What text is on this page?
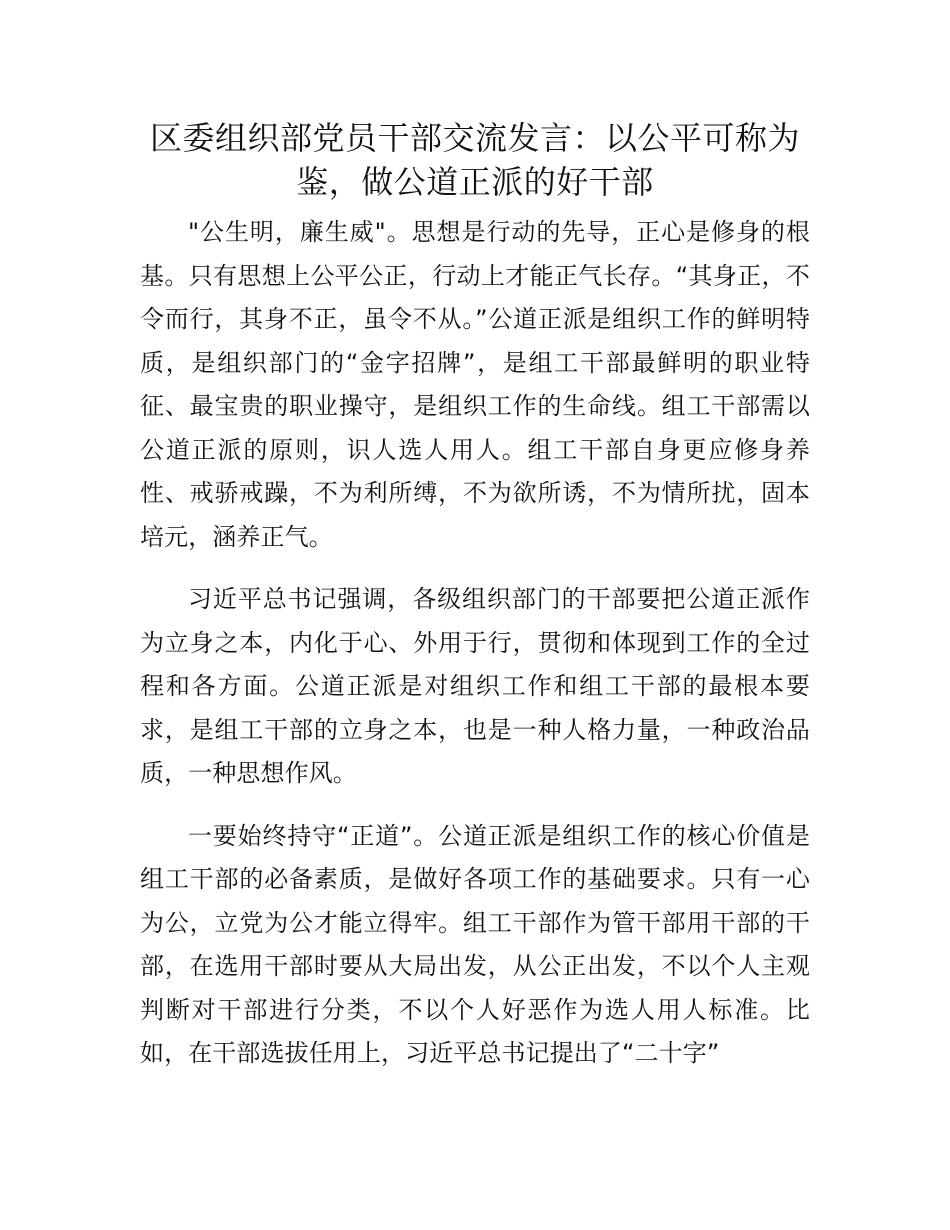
区委组织部党员干部交流发言：以公平可称为鉴，做公道正派的好干部

"公生明，廉生威"。思想是行动的先导，正心是修身的根基。只有思想上公平公正，行动上才能正气长存。“其身正，不令而行，其身不正，虽令不从。”公道正派是组织工作的鲜明特质，是组织部门的“金字招牌”，是组工干部最鲜明的职业特征、最宝贵的职业操守，是组织工作的生命线。组工干部需以公道正派的原则，识人选人用人。组工干部自身更应修身养性、戒骄戒躁，不为利所缚，不为欲所诱，不为情所扰，固本培元，涵养正气。

习近平总书记强调，各级组织部门的干部要把公道正派作为立身之本，内化于心、外用于行，贯彻和体现到工作的全过程和各方面。公道正派是对组织工作和组工干部的最根本要求，是组工干部的立身之本，也是一种人格力量，一种政治品质，一种思想作风。

一要始终持守“正道”。公道正派是组织工作的核心价值是组工干部的必备素质，是做好各项工作的基础要求。只有一心为公，立党为公才能立得牢。组工干部作为管干部用干部的干部，在选用干部时要从大局出发，从公正出发，不以个人主观判断对干部进行分类，不以个人好恶作为选人用人标准。比如，在干部选拔任用上，习近平总书记提出了“二十字”
